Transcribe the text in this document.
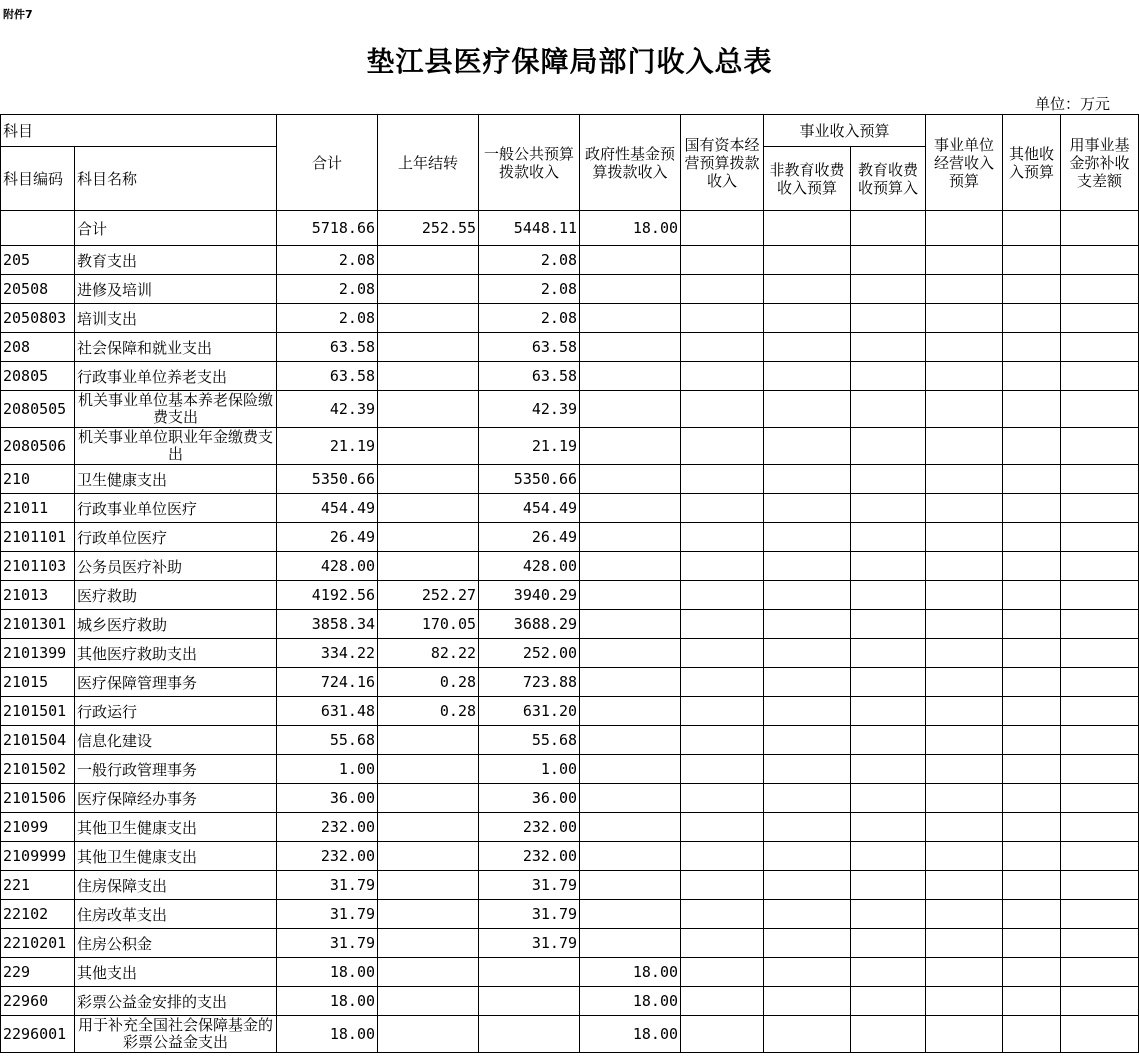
附件7
垫江县医疗保障局部门收入总表
单位：万元
科目		合计	上年结转	一般公共预算拨款收入	政府性基金预算拨款收入	国有资本经营预算拨款收入	事业收入预算		事业单位经营收入预算	其他收入预算	用事业基金弥补收支差额
科目编码	科目名称						非教育收费收入预算	教育收费收预算入			

	合计	5718.66	252.55	5448.11	18.00						
205	教育支出	2.08		2.08							
20508	进修及培训	2.08		2.08							
2050803	培训支出	2.08		2.08							
208	社会保障和就业支出	63.58		63.58							
20805	行政事业单位养老支出	63.58		63.58							
2080505	机关事业单位基本养老保险缴费支出	42.39		42.39							
2080506	机关事业单位职业年金缴费支出	21.19		21.19							
210	卫生健康支出	5350.66		5350.66							
21011	行政事业单位医疗	454.49		454.49							
2101101	行政单位医疗	26.49		26.49							
2101103	公务员医疗补助	428.00		428.00							
21013	医疗救助	4192.56	252.27	3940.29							
2101301	城乡医疗救助	3858.34	170.05	3688.29							
2101399	其他医疗救助支出	334.22	82.22	252.00							
21015	医疗保障管理事务	724.16	0.28	723.88							
2101501	行政运行	631.48	0.28	631.20							
2101504	信息化建设	55.68		55.68							
2101502	一般行政管理事务	1.00		1.00							
2101506	医疗保障经办事务	36.00		36.00							
21099	其他卫生健康支出	232.00		232.00							
2109999	其他卫生健康支出	232.00		232.00							
221	住房保障支出	31.79		31.79							
22102	住房改革支出	31.79		31.79							
2210201	住房公积金	31.79		31.79							
229	其他支出	18.00			18.00						
22960	彩票公益金安排的支出	18.00			18.00						
2296001	用于补充全国社会保障基金的彩票公益金支出	18.00			18.00						
